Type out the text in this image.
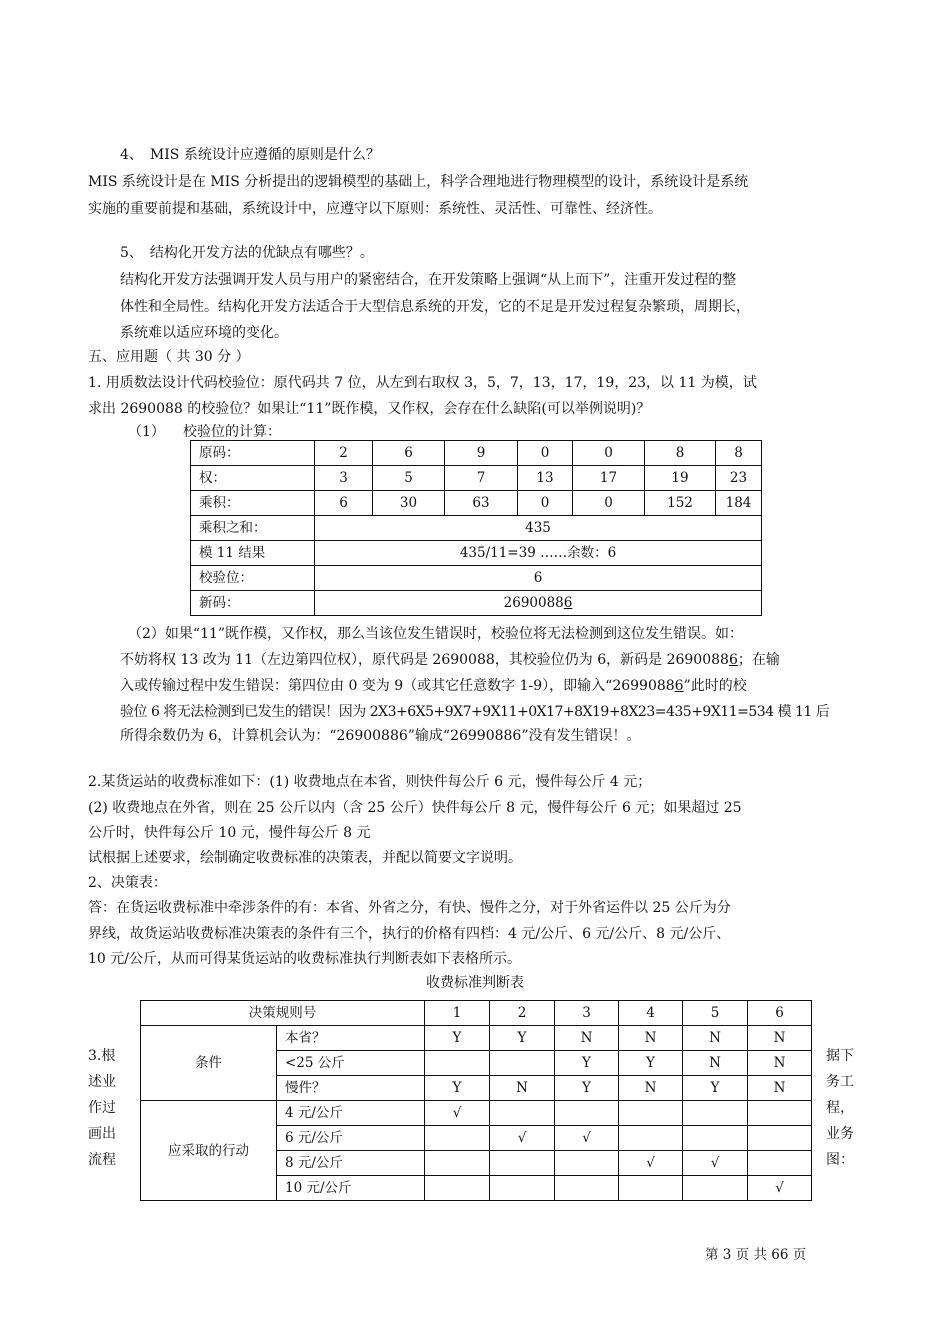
4、　MIS 系统设计应遵循的原则是什么？
MIS 系统设计是在 MIS 分析提出的逻辑模型的基础上，科学合理地进行物理模型的设计，系统设计是系统
实施的重要前提和基础，系统设计中，应遵守以下原则：系统性、灵活性、可靠性、经济性。
5、　结构化开发方法的优缺点有哪些？。
结构化开发方法强调开发人员与用户的紧密结合，在开发策略上强调“从上而下”，注重开发过程的整
体性和全局性。结构化开发方法适合于大型信息系统的开发，它的不足是开发过程复杂繁琐，周期长，
系统难以适应环境的变化。
五、应用题（ 共 30 分 ）
1. 用质数法设计代码校验位：原代码共 7 位，从左到右取权 3，5，7，13，17，19，23，以 11 为模，试
求出 2690088 的校验位？如果让“11”既作模，又作权，会存在什么缺陷(可以举例说明)？
（1） 校验位的计算：
原码：	2	6	9	0	0	8	8
权：	3	5	7	13	17	19	23
乘积：	6	30	63	0	0	152	184
乘积之和：	435						
模 11 结果	435/11=39 ……余数：6						
校验位：	6						
新码：	26900886						
（2）如果“11”既作模，又作权，那么当该位发生错误时，校验位将无法检测到这位发生错误。如：
不妨将权 13 改为 11（左边第四位权），原代码是 2690088，其校验位仍为 6，新码是 26900886；在输
入或传输过程中发生错误：第四位由 0 变为 9（或其它任意数字 1-9），即输入“26990886”此时的校
验位 6 将无法检测到已发生的错误！因为 2X3+6X5+9X7+9X11+0X17+8X19+8X23=435+9X11=534 模 11 后
所得余数仍为 6，计算机会认为：“26900886”输成“26990886”没有发生错误！。
2.某货运站的收费标准如下：(1) 收费地点在本省，则快件每公斤 6 元，慢件每公斤 4 元；
(2) 收费地点在外省，则在 25 公斤以内（含 25 公斤）快件每公斤 8 元，慢件每公斤 6 元；如果超过 25
公斤时，快件每公斤 10 元，慢件每公斤 8 元
试根据上述要求，绘制确定收费标准的决策表，并配以简要文字说明。
2、决策表：
答：在货运收费标准中牵涉条件的有：本省、外省之分，有快、慢件之分，对于外省运件以 25 公斤为分
界线，故货运站收费标准决策表的条件有三个，执行的价格有四档：4 元/公斤、6 元/公斤、8 元/公斤、
10 元/公斤，从而可得某货运站的收费标准执行判断表如下表格所示。
收费标准判断表
决策规则号		1	2	3	4	5	6
条件	本省？	Y	Y	N	N	N	N
	<25 公斤			Y	Y	N	N
	慢件？	Y	N	Y	N	Y	N
应采取的行动	4 元/公斤	√					
	6 元/公斤		√	√			
	8 元/公斤				√	√	
	10 元/公斤						√
3.根
述业
作过
画出
流程
据下
务工
程，
业务
图：
第 3 页 共 66 页
